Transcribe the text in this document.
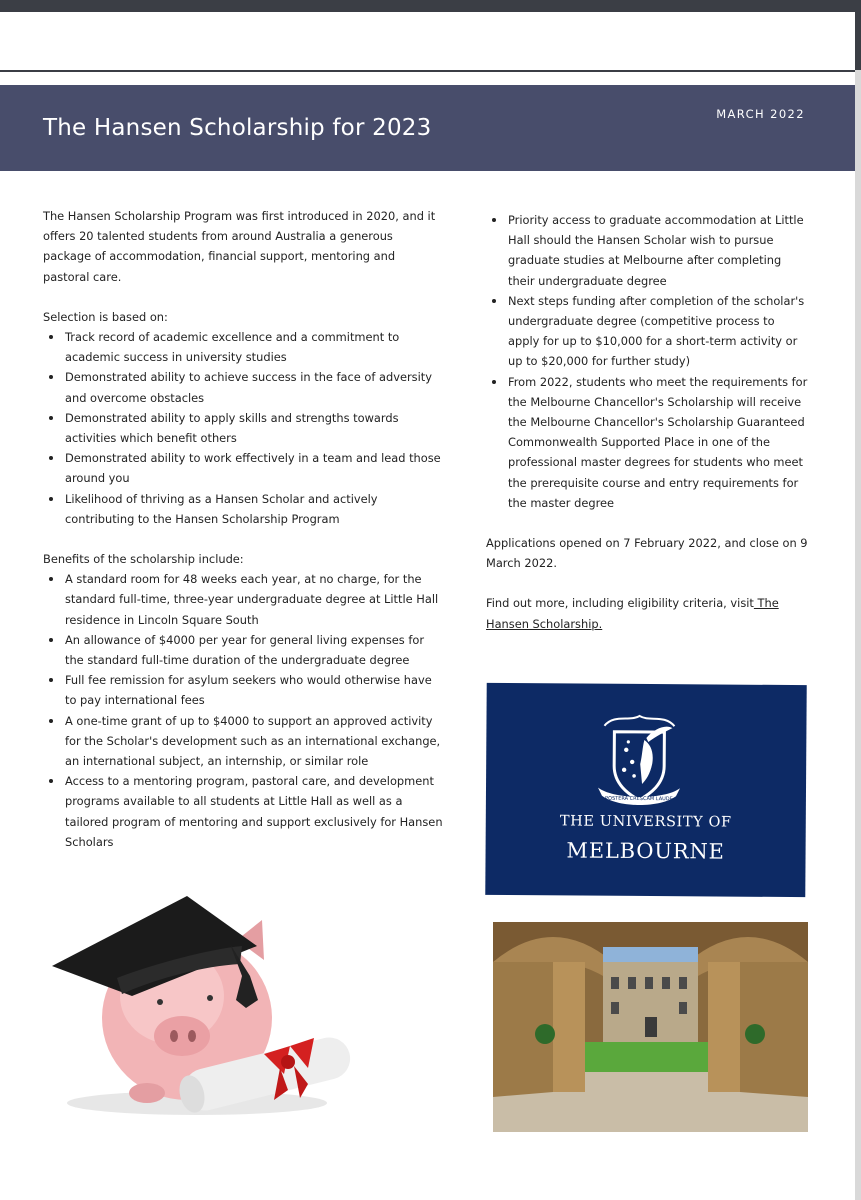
The Hansen Scholarship for 2023
MARCH 2022

The Hansen Scholarship Program was first introduced in 2020, and it offers 20 talented students from around Australia a generous package of accommodation, financial support, mentoring and pastoral care.

Selection is based on:

Track record of academic excellence and a commitment to academic success in university studies
Demonstrated ability to achieve success in the face of adversity and overcome obstacles
Demonstrated ability to apply skills and strengths towards activities which benefit others
Demonstrated ability to work effectively in a team and lead those around you
Likelihood of thriving as a Hansen Scholar and actively contributing to the Hansen Scholarship Program

Benefits of the scholarship include:

A standard room for 48 weeks each year, at no charge, for the standard full-time, three-year undergraduate degree at Little Hall residence in Lincoln Square South
An allowance of $4000 per year for general living expenses for the standard full-time duration of the undergraduate degree
Full fee remission for asylum seekers who would otherwise have to pay international fees
A one-time grant of up to $4000 to support an approved activity for the Scholar's development such as an international exchange, an international subject, an internship, or similar role
Access to a mentoring program, pastoral care, and development programs available to all students at Little Hall as well as a tailored program of mentoring and support exclusively for Hansen Scholars
Priority access to graduate accommodation at Little Hall should the Hansen Scholar wish to pursue graduate studies at Melbourne after completing their undergraduate degree
Next steps funding after completion of the scholar's undergraduate degree (competitive process to apply for up to $10,000 for a short-term activity or up to $20,000 for further study)
From 2022, students who meet the requirements for the Melbourne Chancellor's Scholarship will receive the Melbourne Chancellor's Scholarship Guaranteed Commonwealth Supported Place in one of the professional master degrees for students who meet the prerequisite course and entry requirements for the master degree

Applications opened on 7 February 2022, and close on 9 March 2022.

Find out more, including eligibility criteria, visit The Hansen Scholarship.

POSTERA CRESCAM LAUDE
THE UNIVERSITY OF
MELBOURNE
